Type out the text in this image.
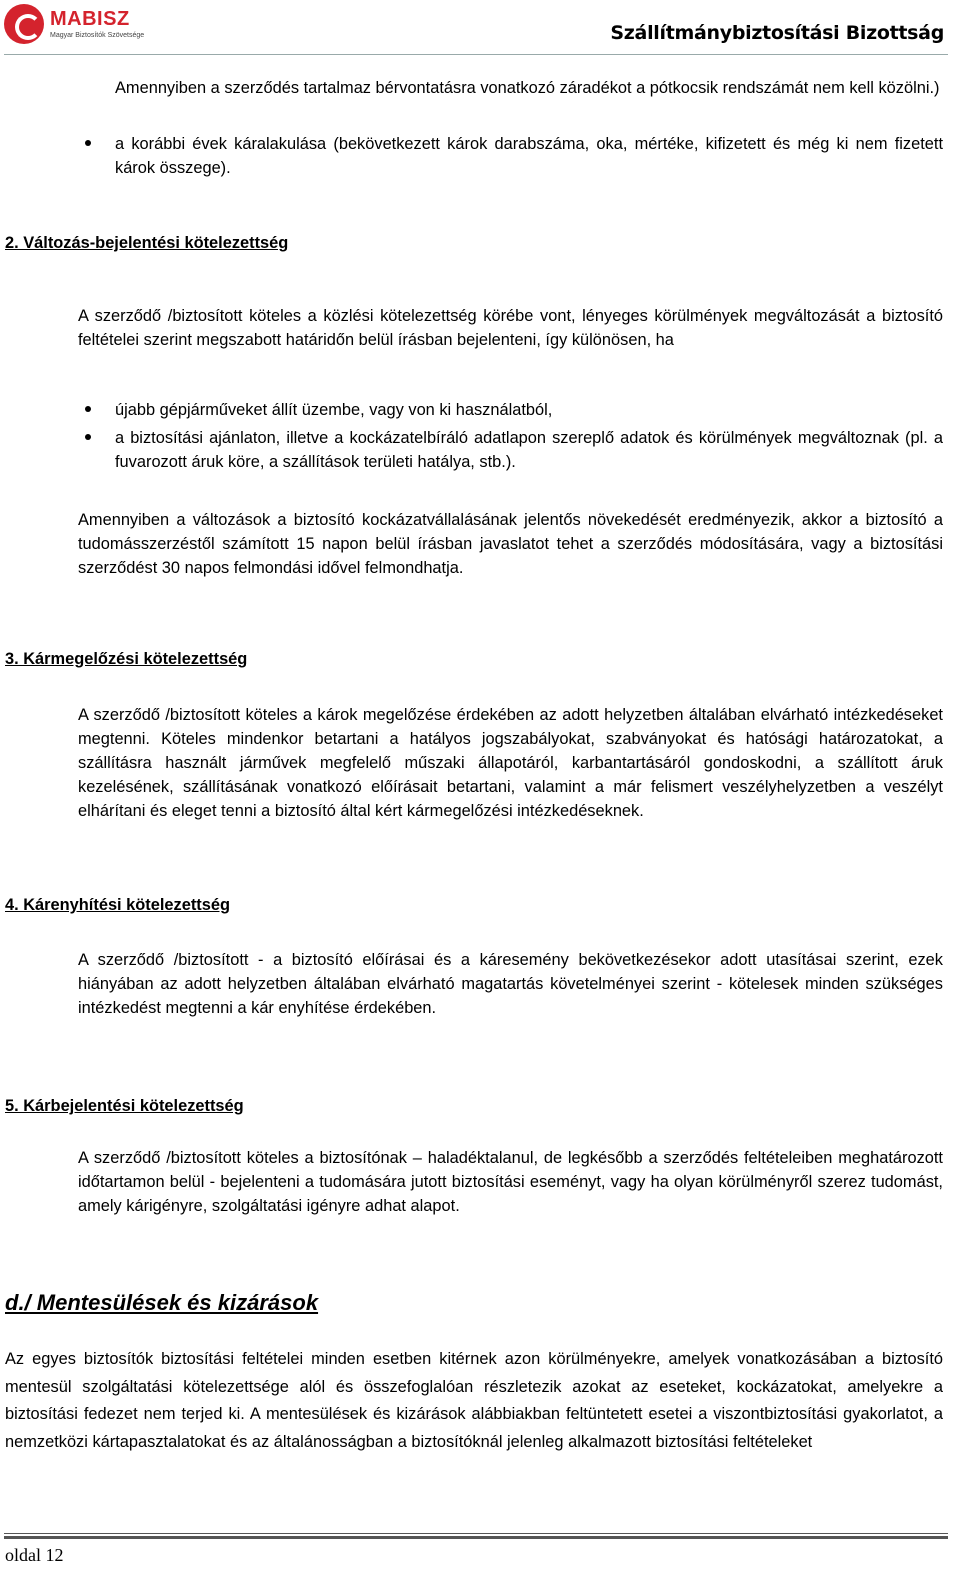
MABISZ
Magyar Biztosítók Szövetsége	Szállítmánybiztosítási Bizottság

Amennyiben a szerződés tartalmaz bérvontatásra vonatkozó záradékot a pótkocsik rendszámát nem kell közölni.)

a korábbi évek káralakulása (bekövetkezett károk darabszáma, oka, mértéke, kifizetett és még ki nem fizetett károk összege).

2. Változás-bejelentési kötelezettség

A szerződő /biztosított köteles a közlési kötelezettség körébe vont, lényeges körülmények megváltozását a biztosító feltételei szerint megszabott határidőn belül írásban bejelenteni, így különösen, ha

újabb gépjárműveket állít üzembe, vagy von ki használatból,

a biztosítási ajánlaton, illetve a kockázatelbíráló adatlapon szereplő adatok és körülmények megváltoznak (pl. a fuvarozott áruk köre, a szállítások területi hatálya, stb.).

Amennyiben a változások a biztosító kockázatvállalásának jelentős növekedését eredményezik, akkor a biztosító a tudomásszerzéstől számított 15 napon belül írásban javaslatot tehet a szerződés módosítására, vagy a biztosítási szerződést 30 napos felmondási idővel felmondhatja.

3. Kármegelőzési kötelezettség

A szerződő /biztosított köteles a károk megelőzése érdekében az adott helyzetben általában elvárható intézkedéseket megtenni. Köteles mindenkor betartani a hatályos jogszabályokat, szabványokat és hatósági határozatokat, a szállításra használt járművek megfelelő műszaki állapotáról, karbantartásáról gondoskodni, a szállított áruk kezelésének, szállításának vonatkozó előírásait betartani, valamint a már felismert veszélyhelyzetben a veszélyt elhárítani és eleget tenni a biztosító által kért kármegelőzési intézkedéseknek.

4. Kárenyhítési kötelezettség

A szerződő /biztosított - a biztosító előírásai és a káresemény bekövetkezésekor adott utasításai szerint, ezek hiányában az adott helyzetben általában elvárható magatartás követelményei szerint - kötelesek minden szükséges intézkedést megtenni a kár enyhítése érdekében.

5. Kárbejelentési kötelezettség

A szerződő /biztosított köteles a biztosítónak – haladéktalanul, de legkésőbb a szerződés feltételeiben meghatározott időtartamon belül - bejelenteni a tudomására jutott biztosítási eseményt, vagy ha olyan körülményről szerez tudomást, amely kárigényre, szolgáltatási igényre adhat alapot.

d./ Mentesülések és kizárások

Az egyes biztosítók biztosítási feltételei minden esetben kitérnek azon körülményekre, amelyek vonatkozásában a biztosító mentesül szolgáltatási kötelezettsége alól és összefoglalóan részletezik azokat az eseteket, kockázatokat, amelyekre a biztosítási fedezet nem terjed ki. A mentesülések és kizárások alábbiakban feltüntetett esetei a viszontbiztosítási gyakorlatot, a nemzetközi kártapasztalatokat és az általánosságban a biztosítóknál jelenleg alkalmazott biztosítási feltételeket

oldal 12
